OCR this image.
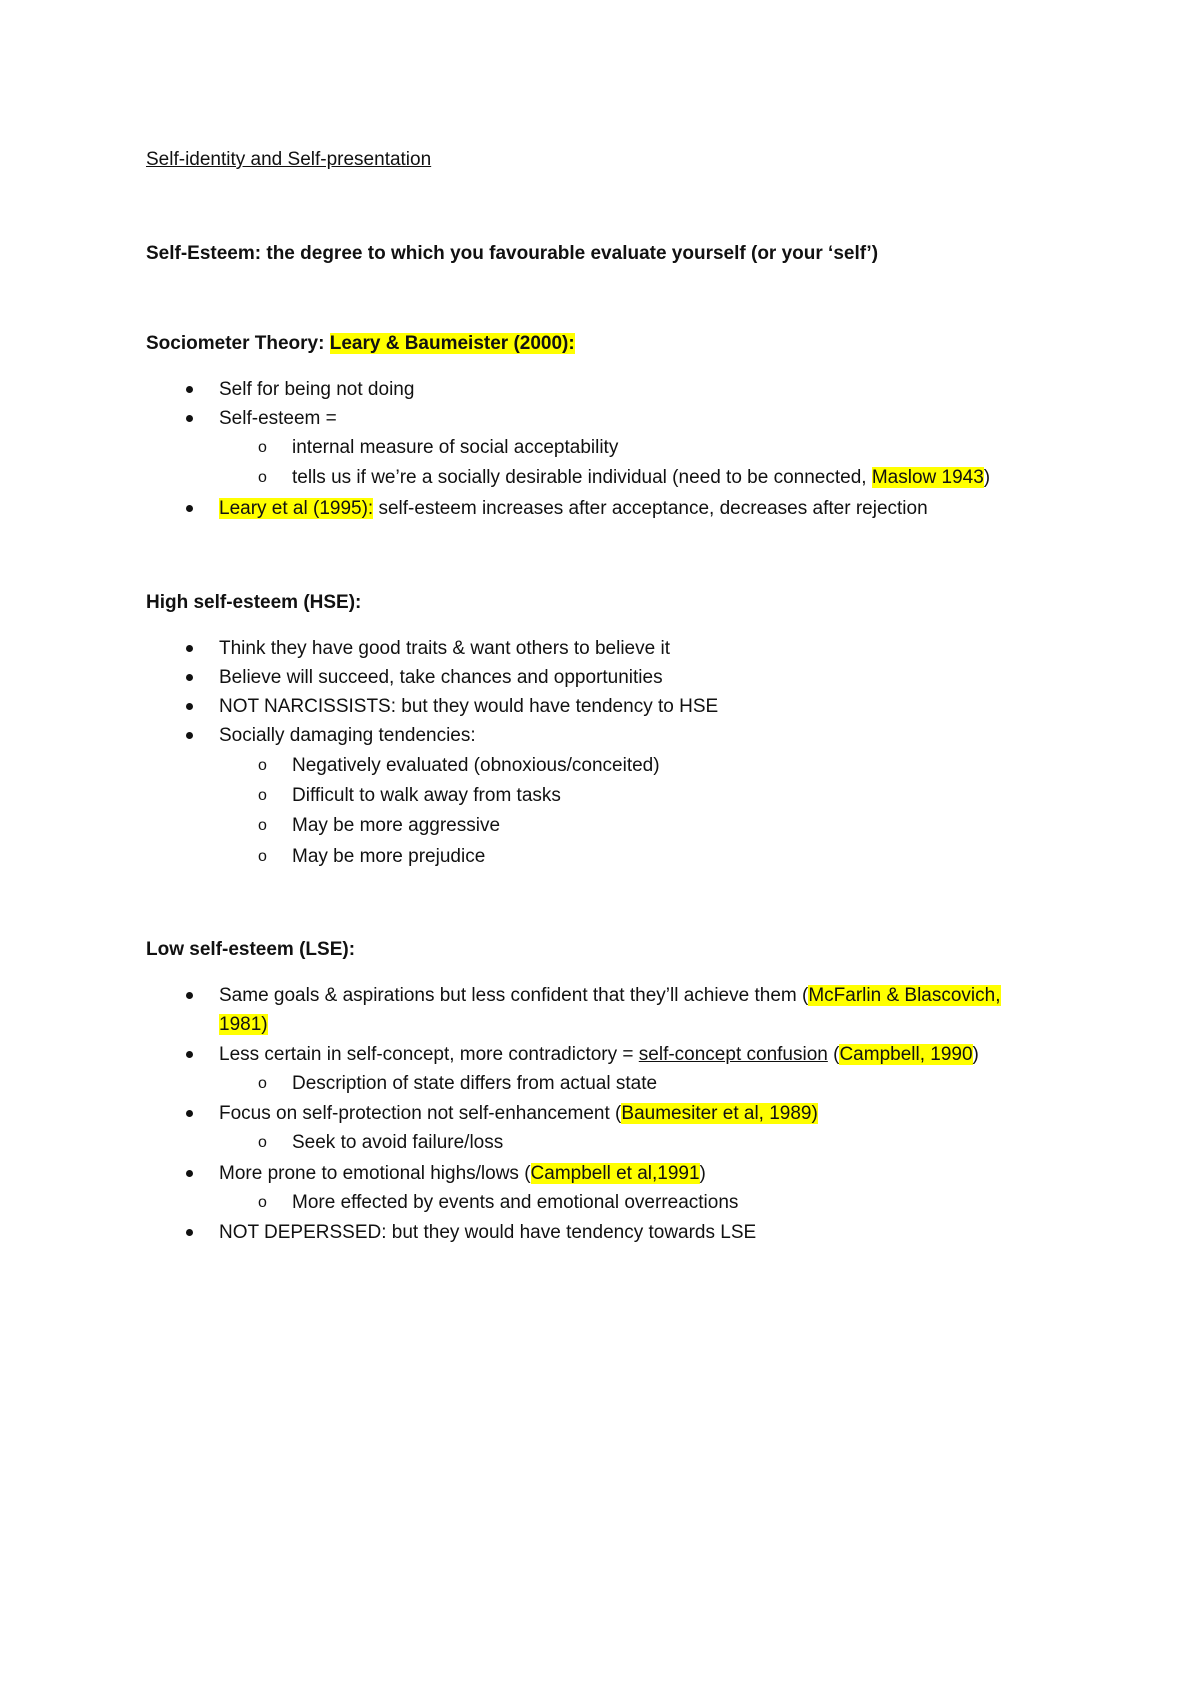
Self-identity and Self-presentation
Self-Esteem: the degree to which you favourable evaluate yourself (or your ‘self’)
Sociometer Theory: Leary & Baumeister (2000):
Self for being not doing
Self-esteem =
o internal measure of social acceptability
o tells us if we’re a socially desirable individual (need to be connected, Maslow 1943)
Leary et al (1995): self-esteem increases after acceptance, decreases after rejection
High self-esteem (HSE):
Think they have good traits & want others to believe it
Believe will succeed, take chances and opportunities
NOT NARCISSISTS: but they would have tendency to HSE
Socially damaging tendencies:
o Negatively evaluated (obnoxious/conceited)
o Difficult to walk away from tasks
o May be more aggressive
o May be more prejudice
Low self-esteem (LSE):
Same goals & aspirations but less confident that they’ll achieve them (McFarlin & Blascovich,
1981)
Less certain in self-concept, more contradictory = self-concept confusion (Campbell, 1990)
o Description of state differs from actual state
Focus on self-protection not self-enhancement (Baumesiter et al, 1989)
o Seek to avoid failure/loss
More prone to emotional highs/lows (Campbell et al,1991)
o More effected by events and emotional overreactions
NOT DEPERSSED: but they would have tendency towards LSE
